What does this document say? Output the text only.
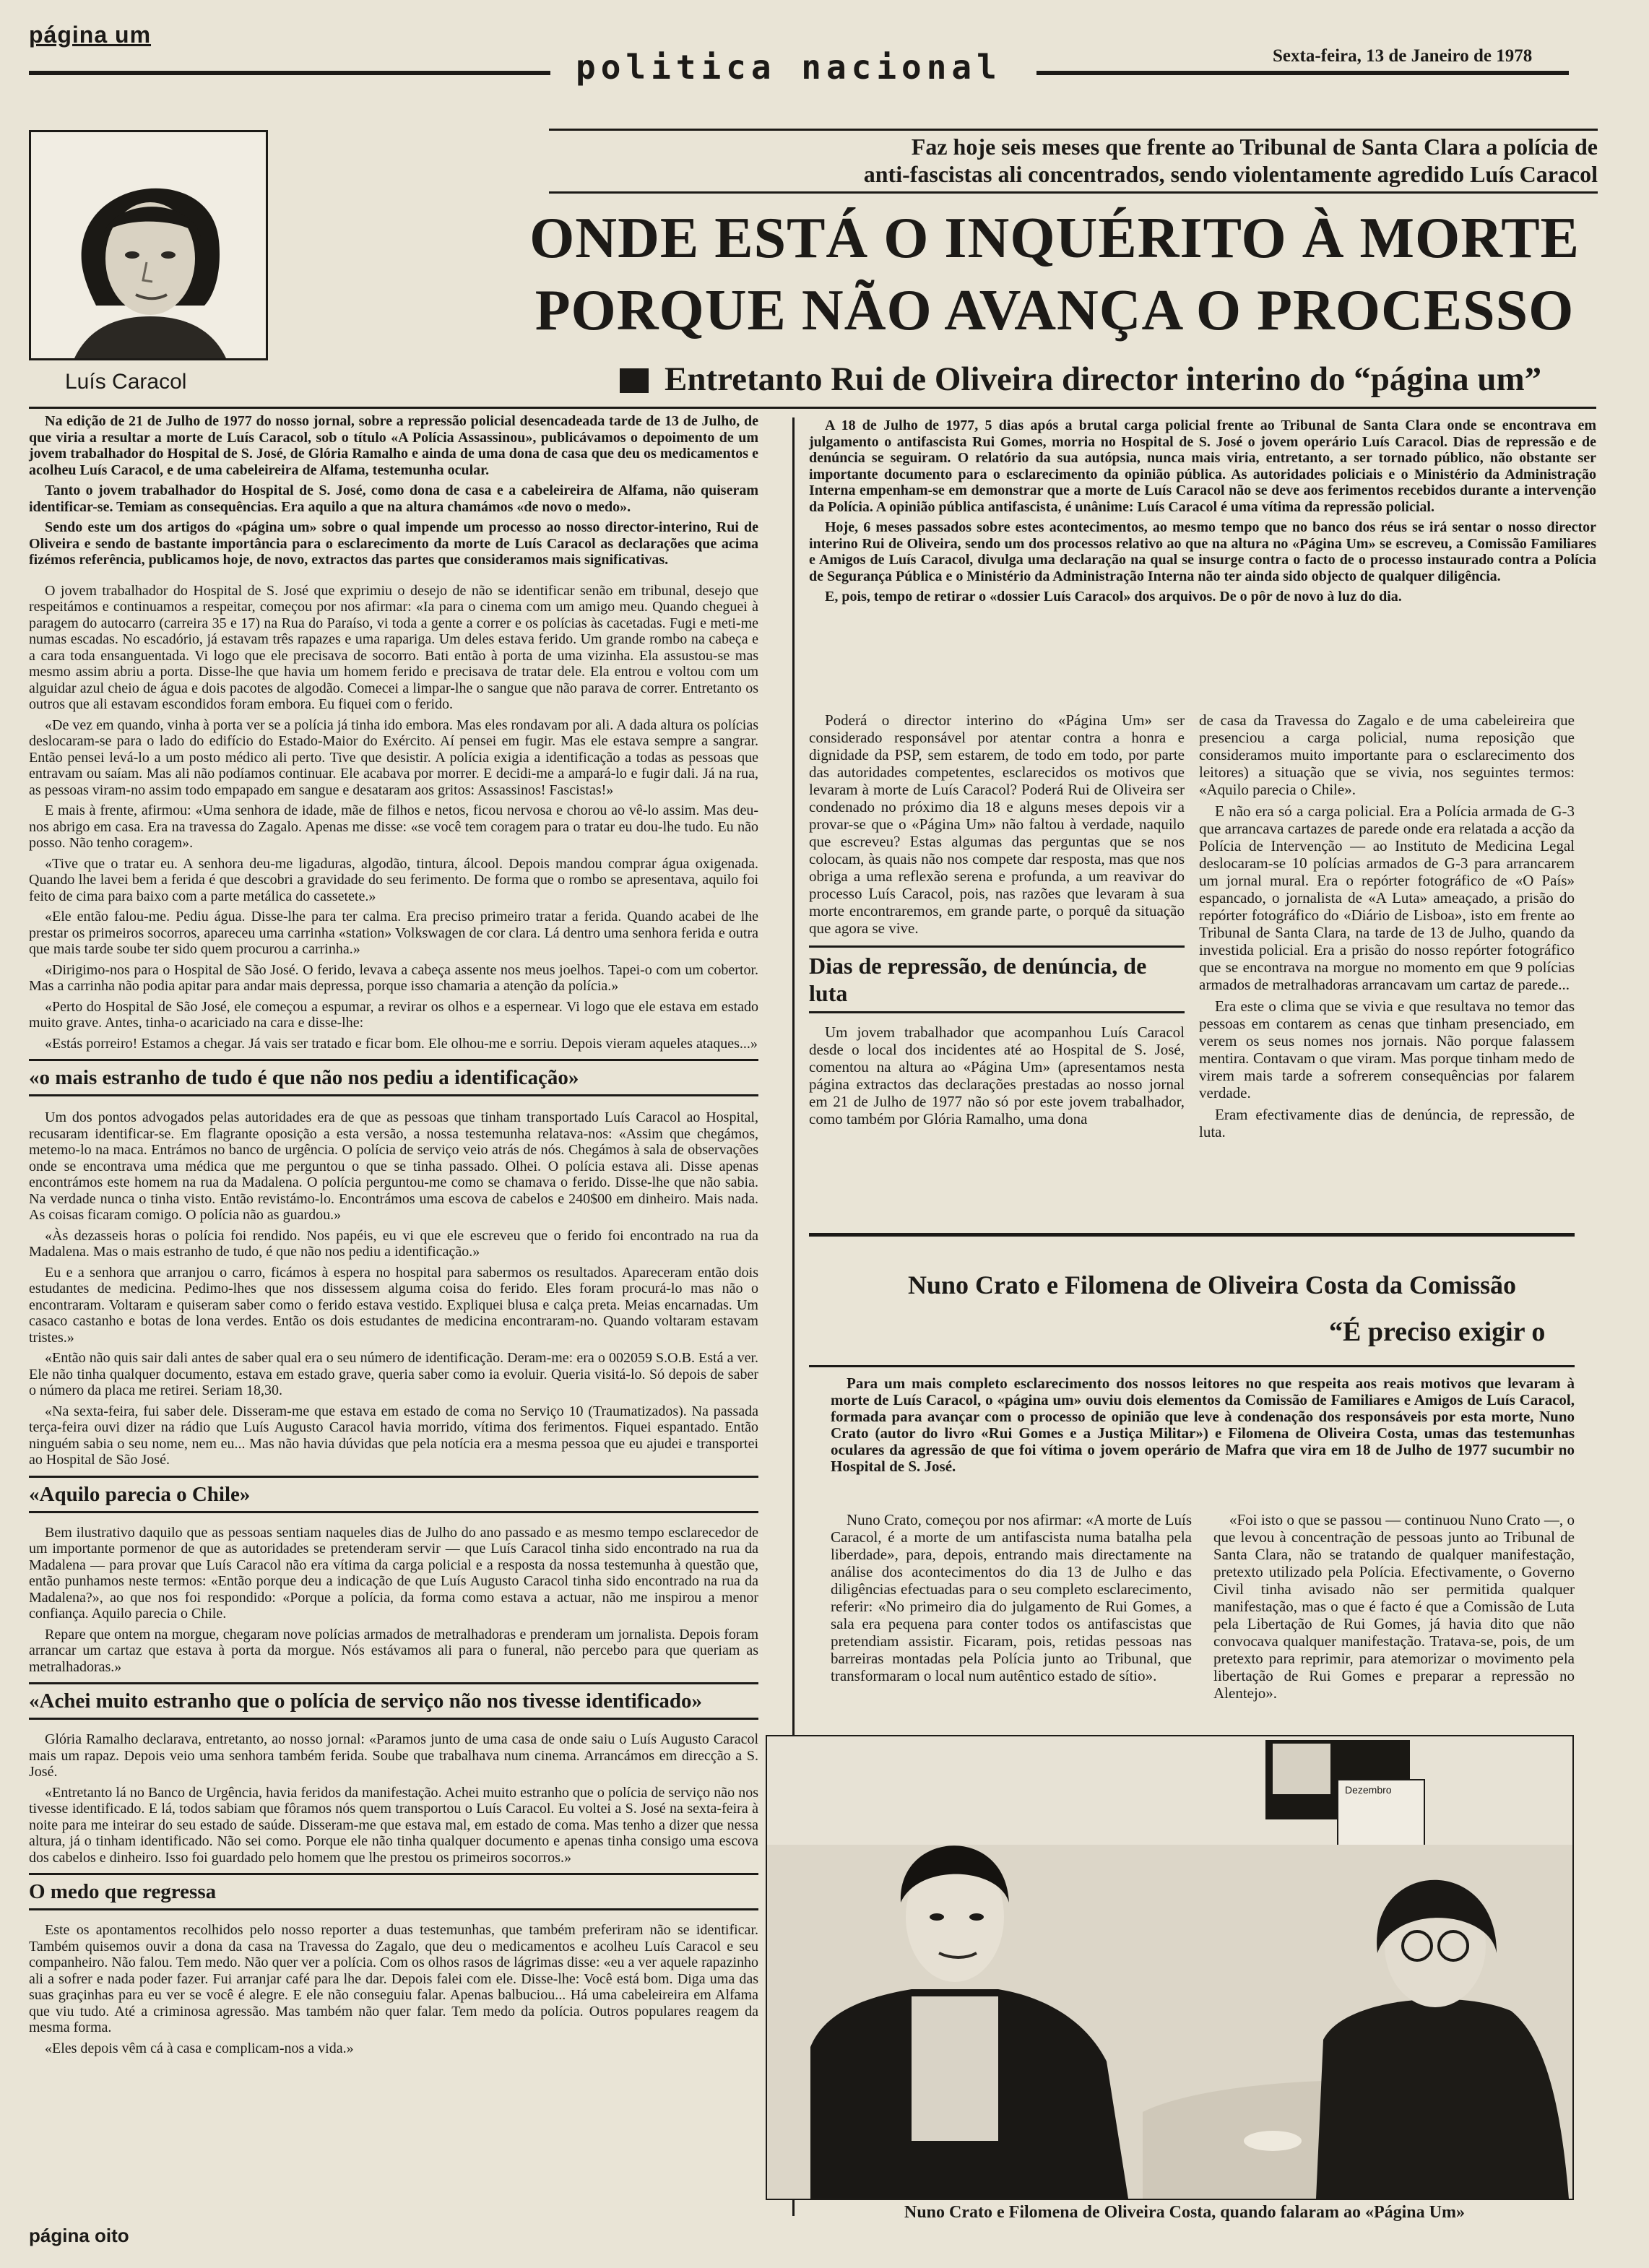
página um
politica nacional	Sexta-feira, 13 de Janeiro de 1978
Luís Caracol
Faz hoje seis meses que frente ao Tribunal de Santa Clara a polícia de
anti-fascistas ali concentrados, sendo violentamente agredido Luís Caracol
ONDE ESTÁ O INQUÉRITO À MORTE
PORQUE NÃO AVANÇA O PROCESSO
Entretanto Rui de Oliveira director interino do “página um”

Na edição de 21 de Julho de 1977 do nosso jornal, sobre a repressão policial desencadeada tarde de 13 de Julho, de que viria a resultar a morte de Luís Caracol, sob o título «A Polícia Assassinou», publicávamos o depoimento de um jovem trabalhador do Hospital de S. José, de Glória Ramalho e ainda de uma dona de casa que deu os medicamentos e acolheu Luís Caracol, e de uma cabeleireira de Alfama, testemunha ocular.

Tanto o jovem trabalhador do Hospital de S. José, como dona de casa e a cabeleireira de Alfama, não quiseram identificar-se. Temiam as consequências. Era aquilo a que na altura chamámos «de novo o medo».

Sendo este um dos artigos do «página um» sobre o qual impende um processo ao nosso director-interino, Rui de Oliveira e sendo de bastante importância para o esclarecimento da morte de Luís Caracol as declarações que acima fizémos referência, publicamos hoje, de novo, extractos das partes que consideramos mais significativas.

O jovem trabalhador do Hospital de S. José que exprimiu o desejo de não se identificar senão em tribunal, desejo que respeitámos e continuamos a respeitar, começou por nos afirmar: «Ia para o cinema com um amigo meu. Quando cheguei à paragem do autocarro (carreira 35 e 17) na Rua do Paraíso, vi toda a gente a correr e os polícias às cacetadas. Fugi e meti-me numas escadas. No escadório, já estavam três rapazes e uma rapariga. Um deles estava ferido. Um grande rombo na cabeça e a cara toda ensanguentada. Vi logo que ele precisava de socorro. Bati então à porta de uma vizinha. Ela assustou-se mas mesmo assim abriu a porta. Disse-lhe que havia um homem ferido e precisava de tratar dele. Ela entrou e voltou com um alguidar azul cheio de água e dois pacotes de algodão. Comecei a limpar-lhe o sangue que não parava de correr. Entretanto os outros que ali estavam escondidos foram embora. Eu fiquei com o ferido.

«De vez em quando, vinha à porta ver se a polícia já tinha ido embora. Mas eles rondavam por ali. A dada altura os polícias deslocaram-se para o lado do edifício do Estado-Maior do Exército. Aí pensei em fugir. Mas ele estava sempre a sangrar. Então pensei levá-lo a um posto médico ali perto. Tive que desistir. A polícia exigia a identificação a todas as pessoas que entravam ou saíam. Mas ali não podíamos continuar. Ele acabava por morrer. E decidi-me a ampará-lo e fugir dali. Já na rua, as pessoas viram-no assim todo empapado em sangue e desataram aos gritos: Assassinos! Fascistas!»

E mais à frente, afirmou: «Uma senhora de idade, mãe de filhos e netos, ficou nervosa e chorou ao vê-lo assim. Mas deu-nos abrigo em casa. Era na travessa do Zagalo. Apenas me disse: «se você tem coragem para o tratar eu dou-lhe tudo. Eu não posso. Não tenho coragem».

«Tive que o tratar eu. A senhora deu-me ligaduras, algodão, tintura, álcool. Depois mandou comprar água oxigenada. Quando lhe lavei bem a ferida é que descobri a gravidade do seu ferimento. De forma que o rombo se apresentava, aquilo foi feito de cima para baixo com a parte metálica do cassetete.»

«Ele então falou-me. Pediu água. Disse-lhe para ter calma. Era preciso primeiro tratar a ferida. Quando acabei de lhe prestar os primeiros socorros, apareceu uma carrinha «station» Volkswagen de cor clara. Lá dentro uma senhora ferida e outra que mais tarde soube ter sido quem procurou a carrinha.»

«Dirigimo-nos para o Hospital de São José. O ferido, levava a cabeça assente nos meus joelhos. Tapei-o com um cobertor. Mas a carrinha não podia apitar para andar mais depressa, porque isso chamaria a atenção da polícia.»

«Perto do Hospital de São José, ele começou a espumar, a revirar os olhos e a espernear. Vi logo que ele estava em estado muito grave. Antes, tinha-o acariciado na cara e disse-lhe:

«Estás porreiro! Estamos a chegar. Já vais ser tratado e ficar bom. Ele olhou-me e sorriu. Depois vieram aqueles ataques...»

«o mais estranho de tudo é que não nos pediu a identificação»

Um dos pontos advogados pelas autoridades era de que as pessoas que tinham transportado Luís Caracol ao Hospital, recusaram identificar-se. Em flagrante oposição a esta versão, a nossa testemunha relatava-nos: «Assim que chegámos, metemo-lo na maca. Entrámos no banco de urgência. O polícia de serviço veio atrás de nós. Chegámos à sala de observações onde se encontrava uma médica que me perguntou o que se tinha passado. Olhei. O polícia estava ali. Disse apenas encontrámos este homem na rua da Madalena. O polícia perguntou-me como se chamava o ferido. Disse-lhe que não sabia. Na verdade nunca o tinha visto. Então revistámo-lo. Encontrámos uma escova de cabelos e 240$00 em dinheiro. Mais nada. As coisas ficaram comigo. O polícia não as guardou.»

«Às dezasseis horas o polícia foi rendido. Nos papéis, eu vi que ele escreveu que o ferido foi encontrado na rua da Madalena. Mas o mais estranho de tudo, é que não nos pediu a identificação.»

Eu e a senhora que arranjou o carro, ficámos à espera no hospital para sabermos os resultados. Apareceram então dois estudantes de medicina. Pedimo-lhes que nos dissessem alguma coisa do ferido. Eles foram procurá-lo mas não o encontraram. Voltaram e quiseram saber como o ferido estava vestido. Expliquei blusa e calça preta. Meias encarnadas. Um casaco castanho e botas de lona verdes. Então os dois estudantes de medicina encontraram-no. Quando voltaram estavam tristes.»

«Então não quis sair dali antes de saber qual era o seu número de identificação. Deram-me: era o 002059 S.O.B. Está a ver. Ele não tinha qualquer documento, estava em estado grave, queria saber como ia evoluir. Queria visitá-lo. Só depois de saber o número da placa me retirei. Seriam 18,30.

«Na sexta-feira, fui saber dele. Disseram-me que estava em estado de coma no Serviço 10 (Traumatizados). Na passada terça-feira ouvi dizer na rádio que Luís Augusto Caracol havia morrido, vítima dos ferimentos. Fiquei espantado. Então ninguém sabia o seu nome, nem eu... Mas não havia dúvidas que pela notícia era a mesma pessoa que eu ajudei e transportei ao Hospital de São José.

«Aquilo parecia o Chile»

Bem ilustrativo daquilo que as pessoas sentiam naqueles dias de Julho do ano passado e as mesmo tempo esclarecedor de um importante pormenor de que as autoridades se pretenderam servir — que Luís Caracol tinha sido encontrado na rua da Madalena — para provar que Luís Caracol não era vítima da carga policial e a resposta da nossa testemunha à questão que, então punhamos neste termos: «Então porque deu a indicação de que Luís Augusto Caracol tinha sido encontrado na rua da Madalena?», ao que nos foi respondido: «Porque a polícia, da forma como estava a actuar, não me inspirou a menor confiança. Aquilo parecia o Chile.

Repare que ontem na morgue, chegaram nove polícias armados de metralhadoras e prenderam um jornalista. Depois foram arrancar um cartaz que estava à porta da morgue. Nós estávamos ali para o funeral, não percebo para que queriam as metralhadoras.»

«Achei muito estranho que o polícia de serviço não nos tivesse identificado»

Glória Ramalho declarava, entretanto, ao nosso jornal: «Paramos junto de uma casa de onde saiu o Luís Augusto Caracol mais um rapaz. Depois veio uma senhora também ferida. Soube que trabalhava num cinema. Arrancámos em direcção a S. José.

«Entretanto lá no Banco de Urgência, havia feridos da manifestação. Achei muito estranho que o polícia de serviço não nos tivesse identificado. E lá, todos sabiam que fôramos nós quem transportou o Luís Caracol. Eu voltei a S. José na sexta-feira à noite para me inteirar do seu estado de saúde. Disseram-me que estava mal, em estado de coma. Mas tenho a dizer que nessa altura, já o tinham identificado. Não sei como. Porque ele não tinha qualquer documento e apenas tinha consigo uma escova dos cabelos e dinheiro. Isso foi guardado pelo homem que lhe prestou os primeiros socorros.»

O medo que regressa

Este os apontamentos recolhidos pelo nosso reporter a duas testemunhas, que também preferiram não se identificar. Também quisemos ouvir a dona da casa na Travessa do Zagalo, que deu o medicamentos e acolheu Luís Caracol e seu companheiro. Não falou. Tem medo. Não quer ver a polícia. Com os olhos rasos de lágrimas disse: «eu a ver aquele rapazinho ali a sofrer e nada poder fazer. Fui arranjar café para lhe dar. Depois falei com ele. Disse-lhe: Você está bom. Diga uma das suas graçinhas para eu ver se você é alegre. E ele não conseguiu falar. Apenas balbuciou... Há uma cabeleireira em Alfama que viu tudo. Até a criminosa agressão. Mas também não quer falar. Tem medo da polícia. Outros populares reagem da mesma forma.

«Eles depois vêm cá à casa e complicam-nos a vida.»

página oito

A 18 de Julho de 1977, 5 dias após a brutal carga policial frente ao Tribunal de Santa Clara onde se encontrava em julgamento o antifascista Rui Gomes, morria no Hospital de S. José o jovem operário Luís Caracol. Dias de repressão e de denúncia se seguiram. O relatório da sua autópsia, nunca mais viria, entretanto, a ser tornado público, não obstante ser importante documento para o esclarecimento da opinião pública. As autoridades policiais e o Ministério da Administração Interna empenham-se em demonstrar que a morte de Luís Caracol não se deve aos ferimentos recebidos durante a intervenção da Polícia. A opinião pública antifascista, é unânime: Luís Caracol é uma vítima da repressão policial.

Hoje, 6 meses passados sobre estes acontecimentos, ao mesmo tempo que no banco dos réus se irá sentar o nosso director interino Rui de Oliveira, sendo um dos processos relativo ao que na altura no «Página Um» se escreveu, a Comissão Familiares e Amigos de Luís Caracol, divulga uma declaração na qual se insurge contra o facto de o processo instaurado contra a Polícia de Segurança Pública e o Ministério da Administração Interna não ter ainda sido objecto de qualquer diligência.

E, pois, tempo de retirar o «dossier Luís Caracol» dos arquivos. De o pôr de novo à luz do dia.

Poderá o director interino do «Página Um» ser considerado responsável por atentar contra a honra e dignidade da PSP, sem estarem, de todo em todo, por parte das autoridades competentes, esclarecidos os motivos que levaram à morte de Luís Caracol? Poderá Rui de Oliveira ser condenado no próximo dia 18 e alguns meses depois vir a provar-se que o «Página Um» não faltou à verdade, naquilo que escreveu? Estas algumas das perguntas que se nos colocam, às quais não nos compete dar resposta, mas que nos obriga a uma reflexão serena e profunda, a um reavivar do processo Luís Caracol, pois, nas razões que levaram à sua morte encontraremos, em grande parte, o porquê da situação que agora se vive.

Dias de repressão, de denúncia, de luta

Um jovem trabalhador que acompanhou Luís Caracol desde o local dos incidentes até ao Hospital de S. José, comentou na altura ao «Página Um» (apresentamos nesta página extractos das declarações prestadas ao nosso jornal em 21 de Julho de 1977 não só por este jovem trabalhador, como também por Glória Ramalho, uma dona

de casa da Travessa do Zagalo e de uma cabeleireira que presenciou a carga policial, numa reposição que consideramos muito importante para o esclarecimento dos leitores) a situação que se vivia, nos seguintes termos: «Aquilo parecia o Chile».

E não era só a carga policial. Era a Polícia armada de G-3 que arrancava cartazes de parede onde era relatada a acção da Polícia de Intervenção — ao Instituto de Medicina Legal deslocaram-se 10 polícias armados de G-3 para arrancarem um jornal mural. Era o repórter fotográfico de «O País» espancado, o jornalista de «A Luta» ameaçado, a prisão do repórter fotográfico do «Diário de Lisboa», isto em frente ao Tribunal de Santa Clara, na tarde de 13 de Julho, quando da investida policial. Era a prisão do nosso repórter fotográfico que se encontrava na morgue no momento em que 9 polícias armados de metralhadoras arrancavam um cartaz de parede...

Era este o clima que se vivia e que resultava no temor das pessoas em contarem as cenas que tinham presenciado, em verem os seus nomes nos jornais. Não porque falassem mentira. Contavam o que viram. Mas porque tinham medo de virem mais tarde a sofrerem consequências por falarem verdade.

Eram efectivamente dias de denúncia, de repressão, de luta.

Nuno Crato e Filomena de Oliveira Costa da Comissão
“É preciso exigir o

Para um mais completo esclarecimento dos nossos leitores no que respeita aos reais motivos que levaram à morte de Luís Caracol, o «página um» ouviu dois elementos da Comissão de Familiares e Amigos de Luís Caracol, formada para avançar com o processo de opinião que leve à condenação dos responsáveis por esta morte, Nuno Crato (autor do livro «Rui Gomes e a Justiça Militar») e Filomena de Oliveira Costa, umas das testemunhas oculares da agressão de que foi vítima o jovem operário de Mafra que vira em 18 de Julho de 1977 sucumbir no Hospital de S. José.

Nuno Crato, começou por nos afirmar: «A morte de Luís Caracol, é a morte de um antifascista numa batalha pela liberdade», para, depois, entrando mais directamente na análise dos acontecimentos do dia 13 de Julho e das diligências efectuadas para o seu completo esclarecimento, referir: «No primeiro dia do julgamento de Rui Gomes, a sala era pequena para conter todos os antifascistas que pretendiam assistir. Ficaram, pois, retidas pessoas nas barreiras montadas pela Polícia junto ao Tribunal, que transformaram o local num autêntico estado de sítio».

«Foi isto o que se passou — continuou Nuno Crato —, o que levou à concentração de pessoas junto ao Tribunal de Santa Clara, não se tratando de qualquer manifestação, pretexto utilizado pela Polícia. Efectivamente, o Governo Civil tinha avisado não ser permitida qualquer manifestação, mas o que é facto é que a Comissão de Luta pela Libertação de Rui Gomes, já havia dito que não convocava qualquer manifestação. Tratava-se, pois, de um pretexto para reprimir, para atemorizar o movimento pela libertação de Rui Gomes e preparar a repressão no Alentejo».

Dezembro
Nuno Crato e Filomena de Oliveira Costa, quando falaram ao «Página Um»
